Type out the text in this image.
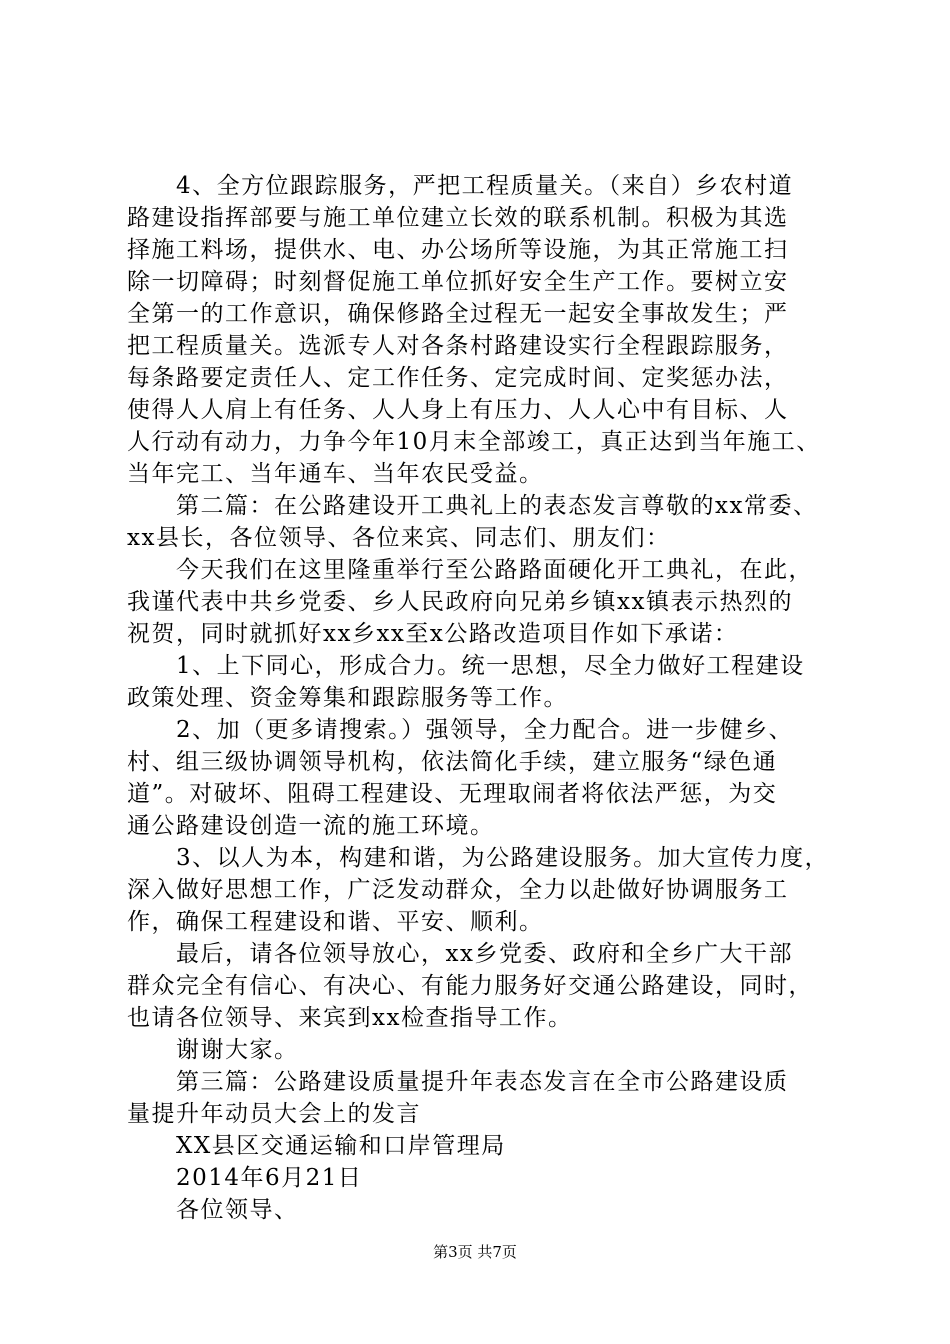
　　4、全方位跟踪服务，严把工程质量关。（来自）乡农村道
路建设指挥部要与施工单位建立长效的联系机制。积极为其选
择施工料场，提供水、电、办公场所等设施，为其正常施工扫
除一切障碍；时刻督促施工单位抓好安全生产工作。要树立安
全第一的工作意识，确保修路全过程无一起安全事故发生；严
把工程质量关。选派专人对各条村路建设实行全程跟踪服务，
每条路要定责任人、定工作任务、定完成时间、定奖惩办法，
使得人人肩上有任务、人人身上有压力、人人心中有目标、人
人行动有动力，力争今年10月末全部竣工，真正达到当年施工、
当年完工、当年通车、当年农民受益。
　　第二篇：在公路建设开工典礼上的表态发言尊敬的xx常委、
xx县长，各位领导、各位来宾、同志们、朋友们：
　　今天我们在这里隆重举行至公路路面硬化开工典礼，在此，
我谨代表中共乡党委、乡人民政府向兄弟乡镇xx镇表示热烈的
祝贺，同时就抓好xx乡xx至x公路改造项目作如下承诺：
　　1、上下同心，形成合力。统一思想，尽全力做好工程建设
政策处理、资金筹集和跟踪服务等工作。
　　2、加（更多请搜索。）强领导，全力配合。进一步健乡、
村、组三级协调领导机构，依法简化手续，建立服务“绿色通
道”。对破坏、阻碍工程建设、无理取闹者将依法严惩，为交
通公路建设创造一流的施工环境。
　　3、以人为本，构建和谐，为公路建设服务。加大宣传力度，
深入做好思想工作，广泛发动群众，全力以赴做好协调服务工
作，确保工程建设和谐、平安、顺利。
　　最后，请各位领导放心，xx乡党委、政府和全乡广大干部
群众完全有信心、有决心、有能力服务好交通公路建设，同时，
也请各位领导、来宾到xx检查指导工作。
　　谢谢大家。
　　第三篇：公路建设质量提升年表态发言在全市公路建设质
量提升年动员大会上的发言
　　XX县区交通运输和口岸管理局
　　2014年6月21日
　　各位领导、
第3页 共7页
